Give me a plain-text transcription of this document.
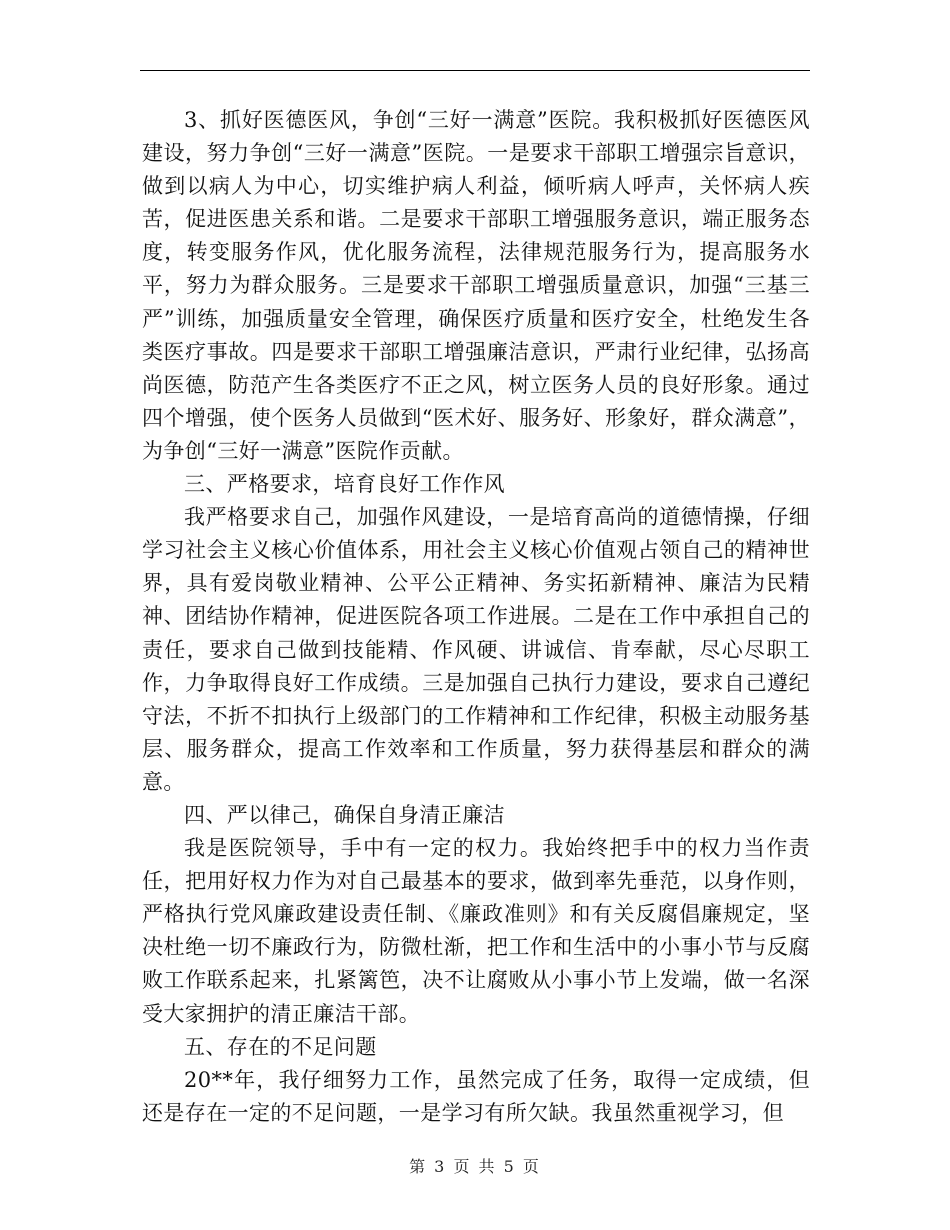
3、抓好医德医风，争创“三好一满意”医院。我积极抓好医德医风建设，努力争创“三好一满意”医院。一是要求干部职工增强宗旨意识，做到以病人为中心，切实维护病人利益，倾听病人呼声，关怀病人疾苦，促进医患关系和谐。二是要求干部职工增强服务意识，端正服务态度，转变服务作风，优化服务流程，法律规范服务行为，提高服务水平，努力为群众服务。三是要求干部职工增强质量意识，加强“三基三严”训练，加强质量安全管理，确保医疗质量和医疗安全，杜绝发生各类医疗事故。四是要求干部职工增强廉洁意识，严肃行业纪律，弘扬高尚医德，防范产生各类医疗不正之风，树立医务人员的良好形象。通过四个增强，使个医务人员做到“医术好、服务好、形象好，群众满意”，为争创“三好一满意”医院作贡献。

三、严格要求，培育良好工作作风

我严格要求自己，加强作风建设，一是培育高尚的道德情操，仔细学习社会主义核心价值体系，用社会主义核心价值观占领自己的精神世界，具有爱岗敬业精神、公平公正精神、务实拓新精神、廉洁为民精神、团结协作精神，促进医院各项工作进展。二是在工作中承担自己的责任，要求自己做到技能精、作风硬、讲诚信、肯奉献，尽心尽职工作，力争取得良好工作成绩。三是加强自己执行力建设，要求自己遵纪守法，不折不扣执行上级部门的工作精神和工作纪律，积极主动服务基层、服务群众，提高工作效率和工作质量，努力获得基层和群众的满意。

四、严以律己，确保自身清正廉洁

我是医院领导，手中有一定的权力。我始终把手中的权力当作责任，把用好权力作为对自己最基本的要求，做到率先垂范，以身作则，严格执行党风廉政建设责任制、《廉政准则》和有关反腐倡廉规定，坚决杜绝一切不廉政行为，防微杜渐，把工作和生活中的小事小节与反腐败工作联系起来，扎紧篱笆，决不让腐败从小事小节上发端，做一名深受大家拥护的清正廉洁干部。

五、存在的不足问题

20**年，我仔细努力工作，虽然完成了任务，取得一定成绩，但还是存在一定的不足问题，一是学习有所欠缺。我虽然重视学习，但

第 3 页 共 5 页
